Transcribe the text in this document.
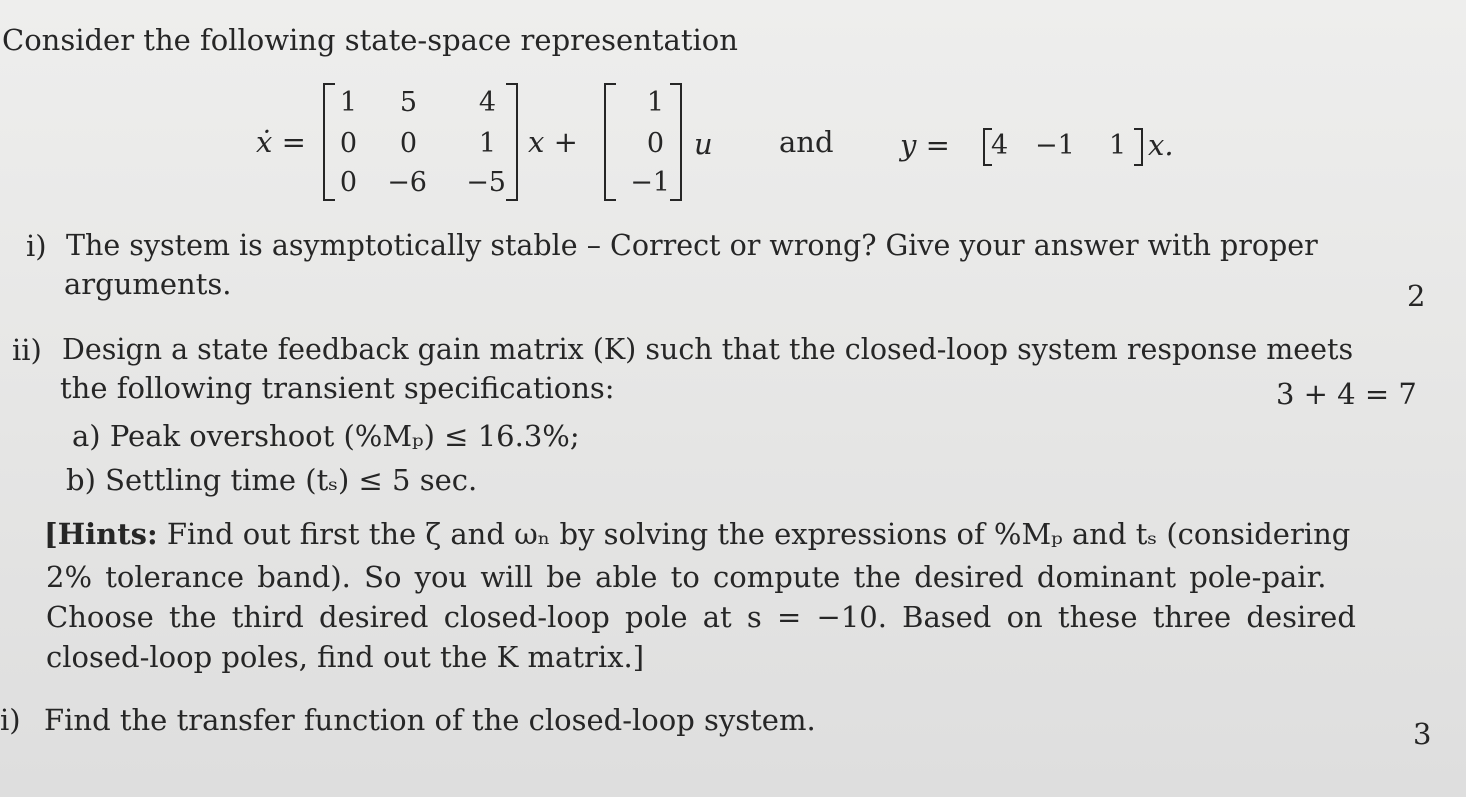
Consider the following state-space representation
ẋ =
1	5	4
0	0	1
0	−6	−5
x +
1
0
−1
u and y = 4 −1 1 x.
i) The system is asymptotically stable – Correct or wrong? Give your answer with proper
arguments.	2
ii) Design a state feedback gain matrix (K) such that the closed-loop system response meets
the following transient specifications:	3 + 4 = 7
a) Peak overshoot (%Mₚ) ≤ 16.3%;
b) Settling time (tₛ) ≤ 5 sec.
[Hints: Find out first the ζ and ωₙ by solving the expressions of %Mₚ and tₛ (considering
2% tolerance band). So you will be able to compute the desired dominant pole-pair.
Choose the third desired closed-loop pole at s = −10. Based on these three desired
closed-loop poles, find out the K matrix.]
i) Find the transfer function of the closed-loop system.	3
